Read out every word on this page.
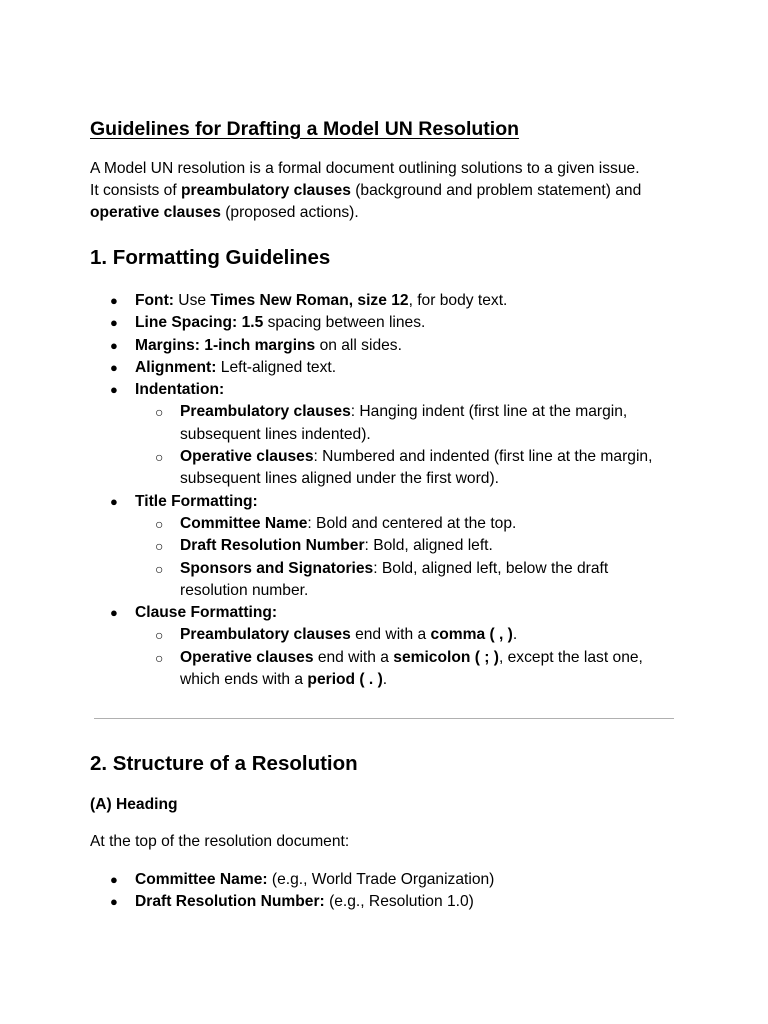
Guidelines for Drafting a Model UN Resolution

A Model UN resolution is a formal document outlining solutions to a given issue.
It consists of preambulatory clauses (background and problem statement) and
operative clauses (proposed actions).

1. Formatting Guidelines
● Font: Use Times New Roman, size 12, for body text.
● Line Spacing: 1.5 spacing between lines.
● Margins: 1-inch margins on all sides.
● Alignment: Left-aligned text.
● Indentation:
○ Preambulatory clauses: Hanging indent (first line at the margin, subsequent lines indented).
○ Operative clauses: Numbered and indented (first line at the margin, subsequent lines aligned under the first word).
● Title Formatting:
○ Committee Name: Bold and centered at the top.
○ Draft Resolution Number: Bold, aligned left.
○ Sponsors and Signatories: Bold, aligned left, below the draft resolution number.
● Clause Formatting:
○ Preambulatory clauses end with a comma ( , ).
○ Operative clauses end with a semicolon ( ; ), except the last one, which ends with a period ( . ).
2. Structure of a Resolution
(A) Heading

At the top of the resolution document:

● Committee Name: (e.g., World Trade Organization)
● Draft Resolution Number: (e.g., Resolution 1.0)
